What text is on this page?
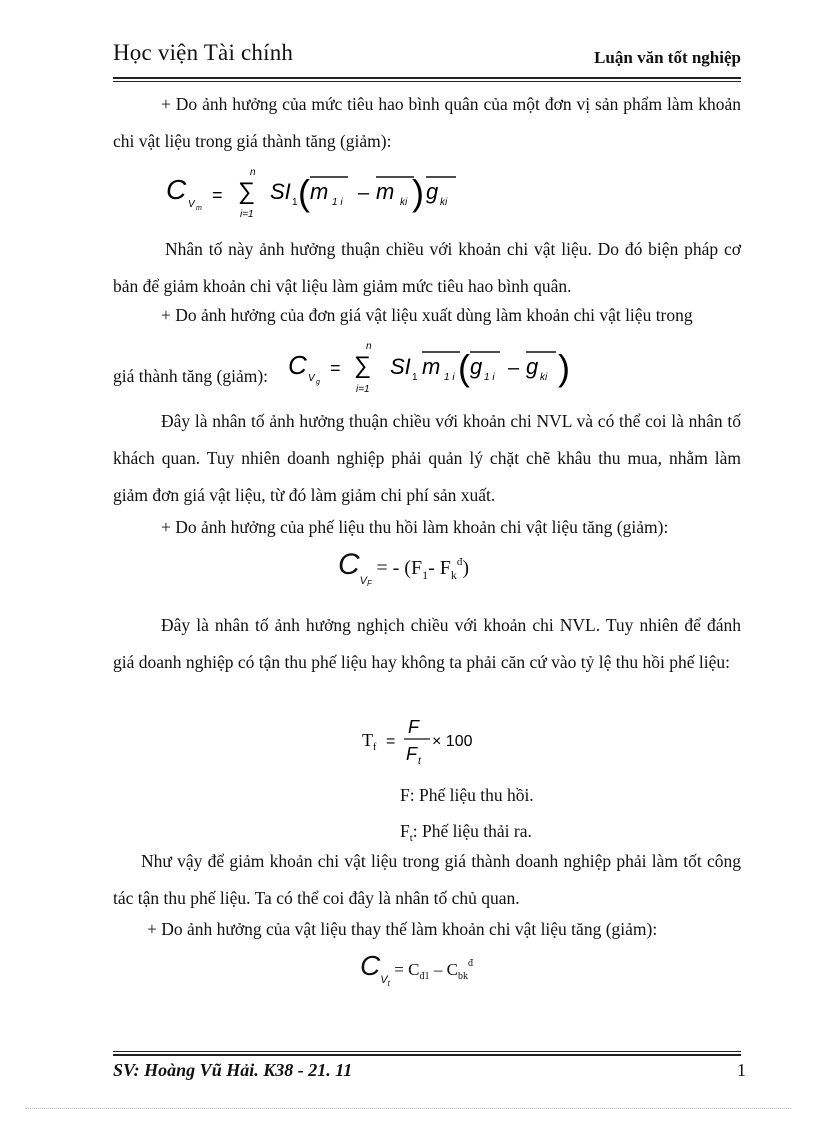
Học viện Tài chính	Luận văn tốt nghiệp
+ Do ảnh hưởng của mức tiêu hao bình quân của một đơn vị sản phẩm làm khoản chi vật liệu trong giá thành tăng (giảm):
C V m
=
n
∑
i=1
SI 1 ( m 1 i – m ki ) g ki
Nhân tố này ảnh hưởng thuận chiều với khoản chi vật liệu. Do đó biện pháp cơ bản để giảm khoản chi vật liệu làm giảm mức tiêu hao bình quân.
+ Do ảnh hưởng của đơn giá vật liệu xuất dùng làm khoản chi vật liệu trong
giá thành tăng (giảm): C V g
=
n
∑
i=1
SI 1 m 1 i ( g 1 i – g ki )
Đây là nhân tố ảnh hưởng thuận chiều với khoản chi NVL và có thể coi là nhân tố khách quan. Tuy nhiên doanh nghiệp phải quản lý chặt chẽ khâu thu mua, nhằm làm giảm đơn giá vật liệu, từ đó làm giảm chi phí sản xuất.
+ Do ảnh hưởng của phế liệu thu hồi làm khoản chi vật liệu tăng (giảm):
$C_{VF}$ = - ($F_1-$ $F_k^đ$)
Đây là nhân tố ảnh hưởng nghịch chiều với khoản chi NVL. Tuy nhiên để đánh giá doanh nghiệp có tận thu phế liệu hay không ta phải căn cứ vào tỷ lệ thu hồi phế liệu:
T f =
F
F t
× 100
F: Phế liệu thu hồi.
$F_t$: Phế liệu thải ra.
Như vậy để giảm khoản chi vật liệu trong giá thành doanh nghiệp phải làm tốt công tác tận thu phế liệu. Ta có thể coi đây là nhân tố chủ quan.
+ Do ảnh hưởng của vật liệu thay thế làm khoản chi vật liệu tăng (giảm):
$C_{Vt} = C_{đ1} - C_{bk}^đ$
SV: Hoàng Vũ Hải. K38 - 21. 11	1
